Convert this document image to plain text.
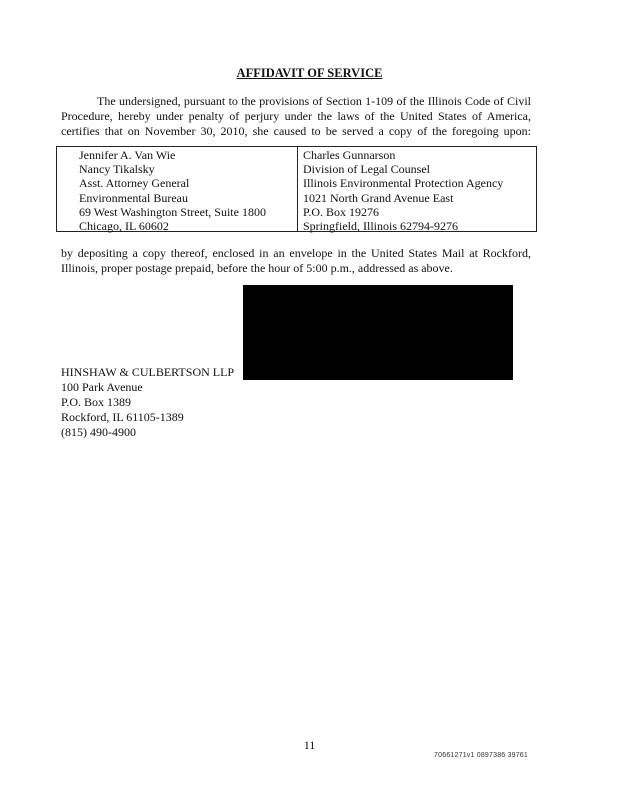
AFFIDAVIT OF SERVICE
The undersigned, pursuant to the provisions of Section 1-109 of the Illinois Code of Civil
Procedure, hereby under penalty of perjury under the laws of the United States of America,
certifies that on November 30, 2010, she caused to be served a copy of the foregoing upon:
Jennifer A. Van Wie
Nancy Tikalsky
Asst. Attorney General
Environmental Bureau
69 West Washington Street, Suite 1800
Chicago, IL 60602
Charles Gunnarson
Division of Legal Counsel
Illinois Environmental Protection Agency
1021 North Grand Avenue East
P.O. Box 19276
Springfield, Illinois 62794-9276
by depositing a copy thereof, enclosed in an envelope in the United States Mail at Rockford,
Illinois, proper postage prepaid, before the hour of 5:00 p.m., addressed as above.
HINSHAW & CULBERTSON LLP
100 Park Avenue
P.O. Box 1389
Rockford, IL 61105-1389
(815) 490-4900
11
70661271v1 0897386 39761
